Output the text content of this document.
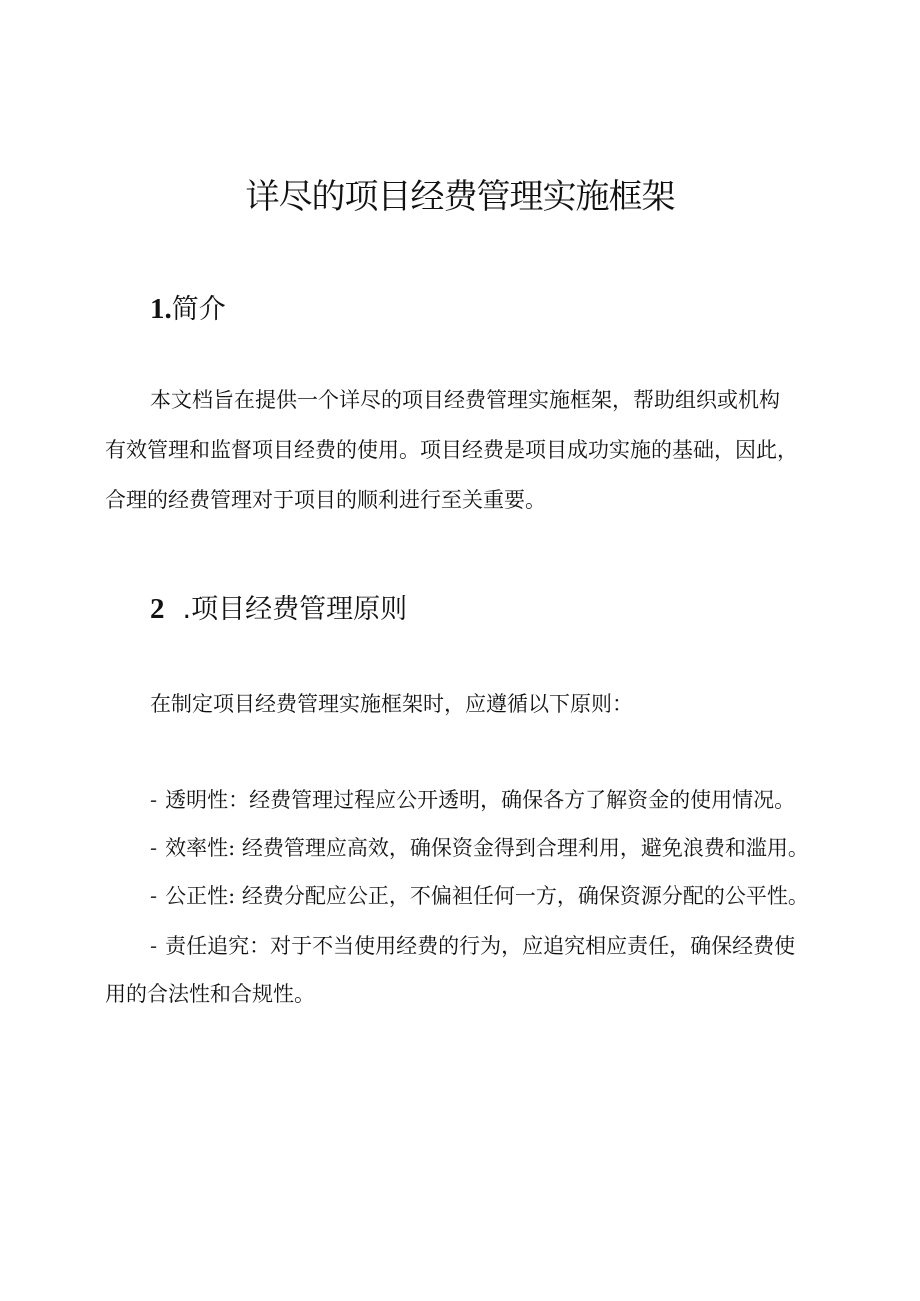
详尽的项目经费管理实施框架
1.简介

本文档旨在提供一个详尽的项目经费管理实施框架，帮助组织或机构

有效管理和监督项目经费的使用。项目经费是项目成功实施的基础，因此，

合理的经费管理对于项目的顺利进行至关重要。

2 .项目经费管理原则

在制定项目经费管理实施框架时，应遵循以下原则：

- 透明性：经费管理过程应公开透明，确保各方了解资金的使用情况。

- 效率性: 经费管理应高效，确保资金得到合理利用，避免浪费和滥用。

- 公正性: 经费分配应公正，不偏袒任何一方，确保资源分配的公平性。

- 责任追究：对于不当使用经费的行为，应追究相应责任，确保经费使

用的合法性和合规性。
